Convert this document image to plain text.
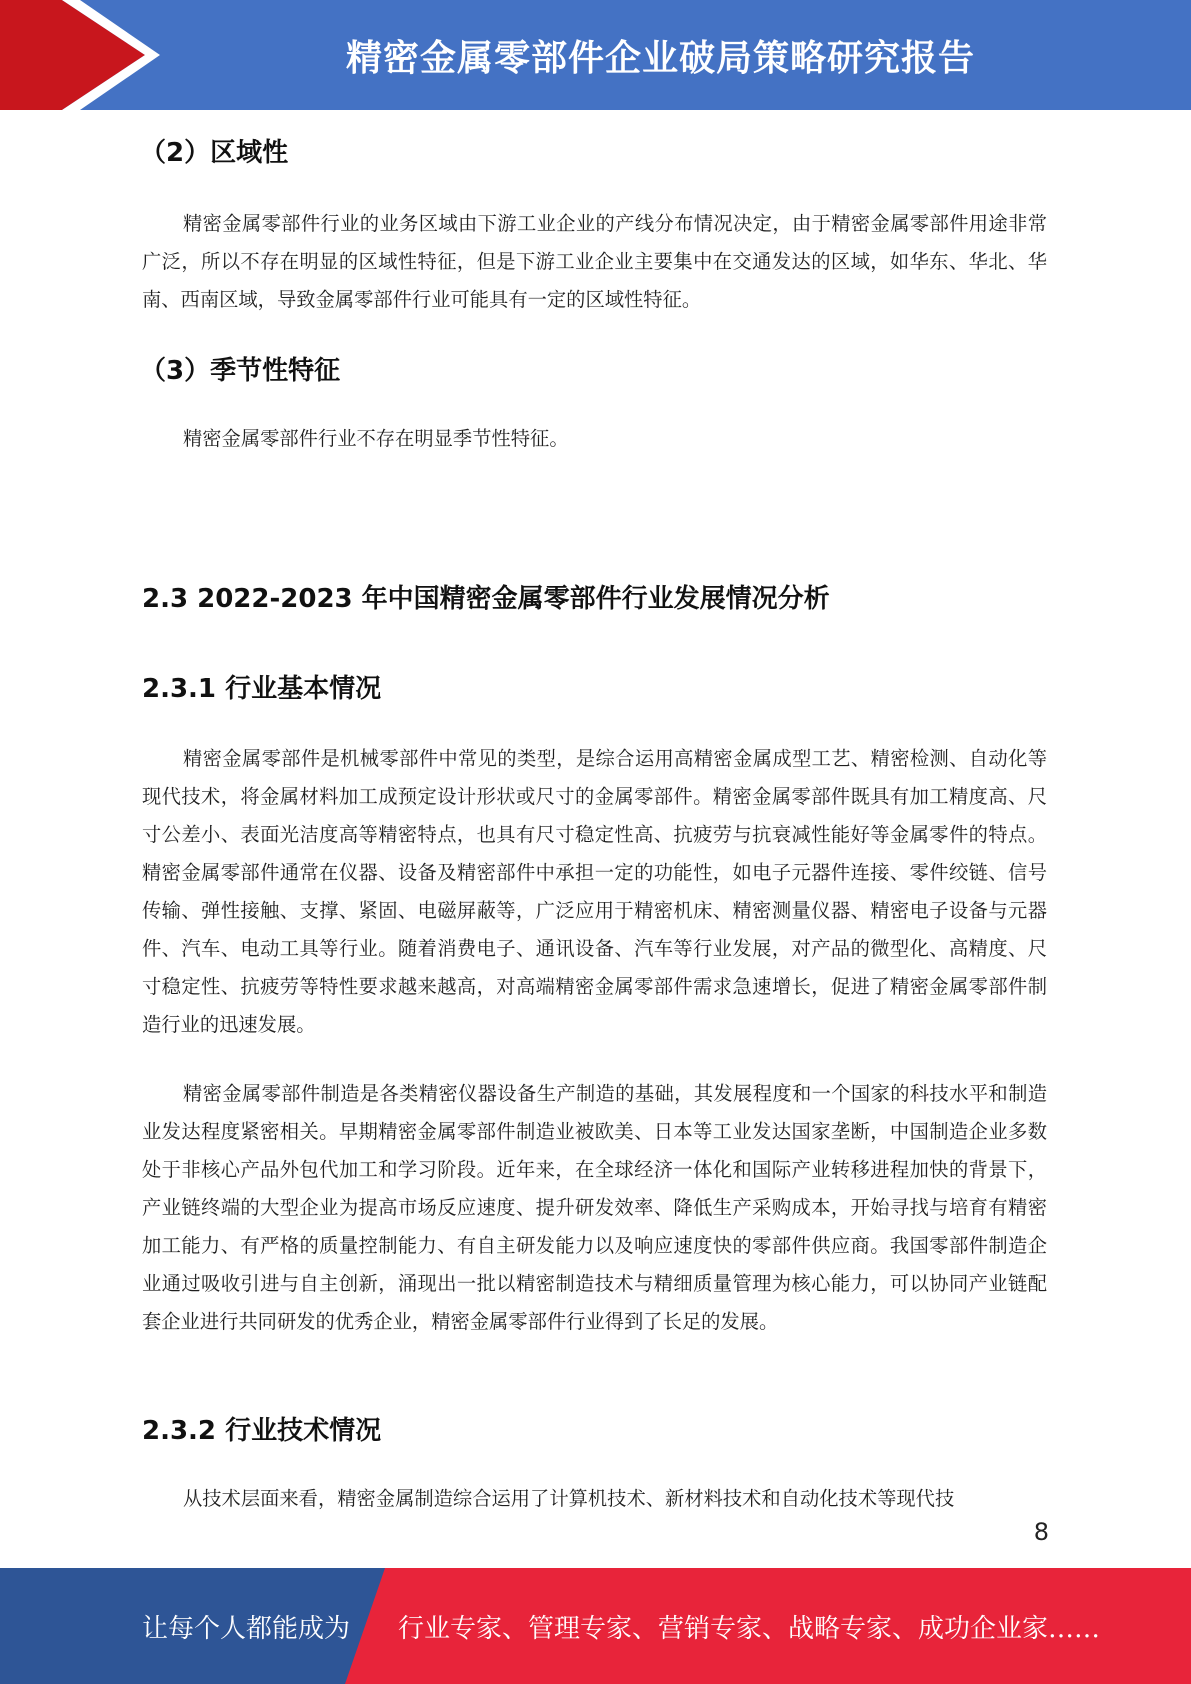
精密金属零部件企业破局策略研究报告
（2）区域性

精密金属零部件行业的业务区域由下游工业企业的产线分布情况决定，由于精密金属零部件用途非常广泛，所以不存在明显的区域性特征，但是下游工业企业主要集中在交通发达的区域，如华东、华北、华南、西南区域，导致金属零部件行业可能具有一定的区域性特征。

（3）季节性特征

精密金属零部件行业不存在明显季节性特征。

2.3 2022-2023 年中国精密金属零部件行业发展情况分析
2.3.1 行业基本情况

精密金属零部件是机械零部件中常见的类型，是综合运用高精密金属成型工艺、精密检测、自动化等现代技术，将金属材料加工成预定设计形状或尺寸的金属零部件。精密金属零部件既具有加工精度高、尺寸公差小、表面光洁度高等精密特点，也具有尺寸稳定性高、抗疲劳与抗衰减性能好等金属零件的特点。精密金属零部件通常在仪器、设备及精密部件中承担一定的功能性，如电子元器件连接、零件绞链、信号传输、弹性接触、支撑、紧固、电磁屏蔽等，广泛应用于精密机床、精密测量仪器、精密电子设备与元器件、汽车、电动工具等行业。随着消费电子、通讯设备、汽车等行业发展，对产品的微型化、高精度、尺寸稳定性、抗疲劳等特性要求越来越高，对高端精密金属零部件需求急速增长，促进了精密金属零部件制造行业的迅速发展。

精密金属零部件制造是各类精密仪器设备生产制造的基础，其发展程度和一个国家的科技水平和制造业发达程度紧密相关。早期精密金属零部件制造业被欧美、日本等工业发达国家垄断，中国制造企业多数处于非核心产品外包代加工和学习阶段。近年来，在全球经济一体化和国际产业转移进程加快的背景下，产业链终端的大型企业为提高市场反应速度、提升研发效率、降低生产采购成本，开始寻找与培育有精密加工能力、有严格的质量控制能力、有自主研发能力以及响应速度快的零部件供应商。我国零部件制造企业通过吸收引进与自主创新，涌现出一批以精密制造技术与精细质量管理为核心能力，可以协同产业链配套企业进行共同研发的优秀企业，精密金属零部件行业得到了长足的发展。

2.3.2 行业技术情况

从技术层面来看，精密金属制造综合运用了计算机技术、新材料技术和自动化技术等现代技

8
让每个人都能成为 行业专家、管理专家、营销专家、战略专家、成功企业家……
